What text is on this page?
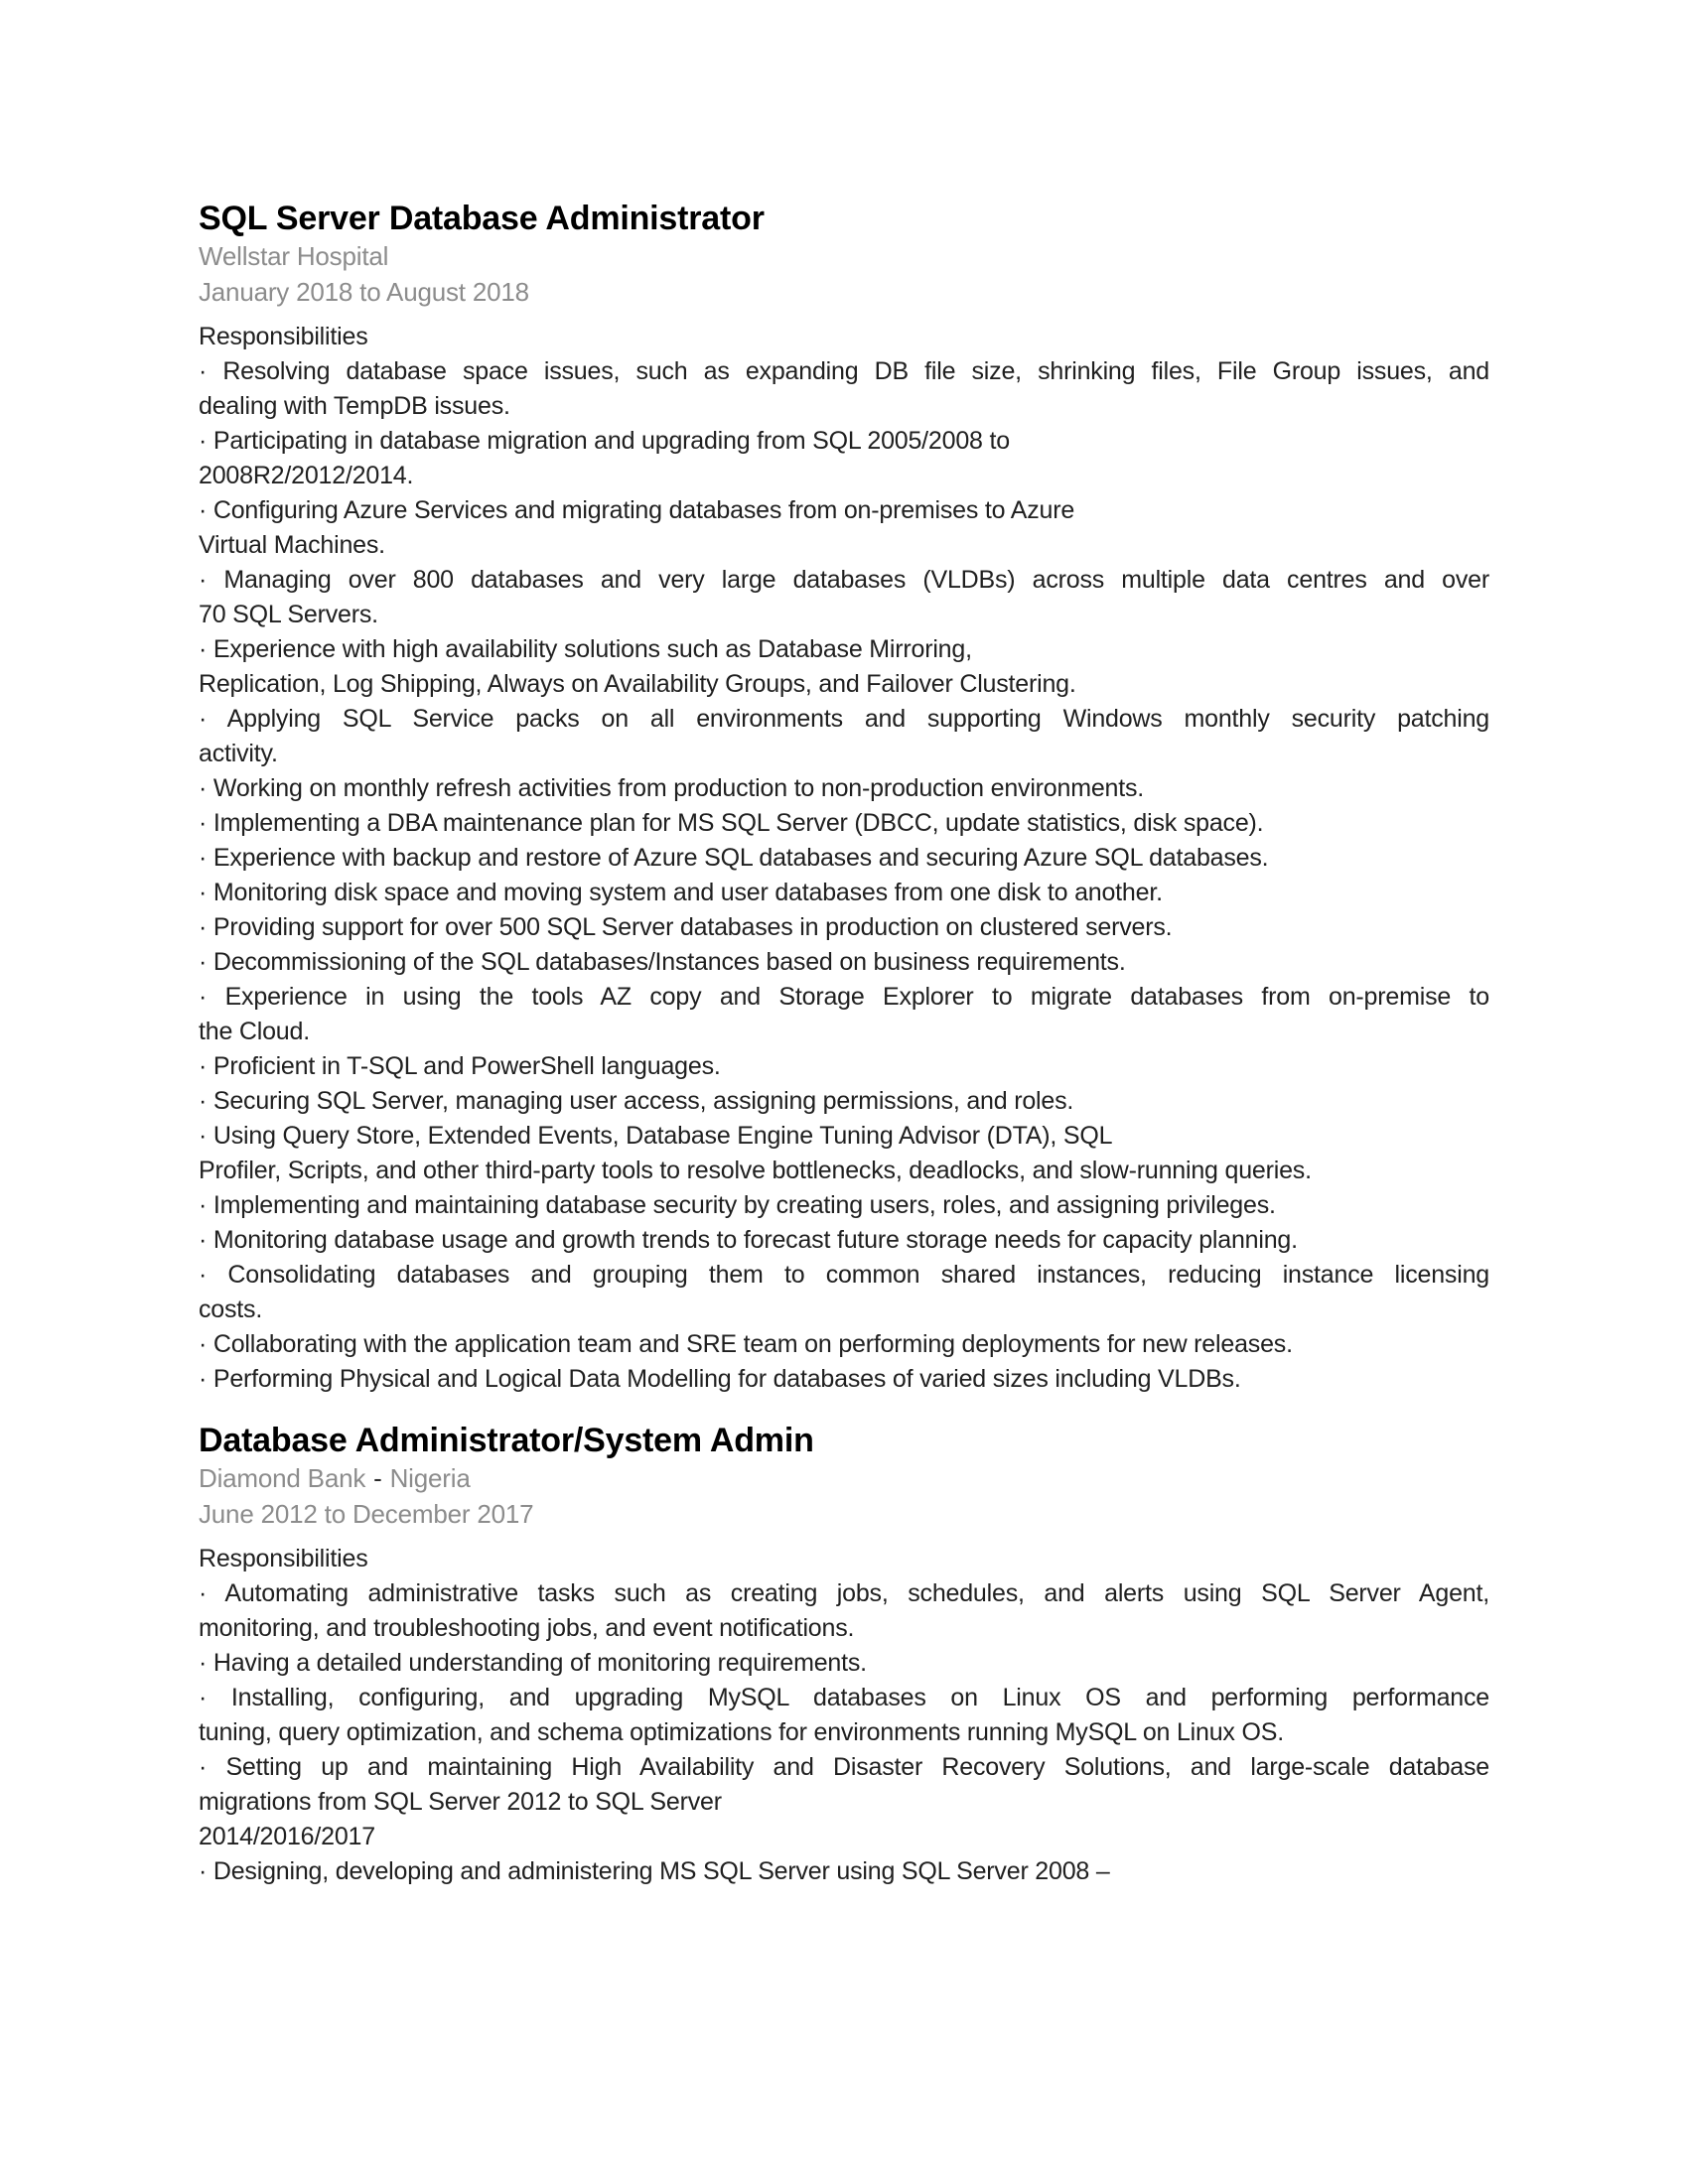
SQL Server Database Administrator
Wellstar Hospital
January 2018 to August 2018
Responsibilities
· Resolving database space issues, such as expanding DB file size, shrinking files, File Group issues, and
dealing with TempDB issues.
· Participating in database migration and upgrading from SQL 2005/2008 to
2008R2/2012/2014.
· Configuring Azure Services and migrating databases from on-premises to Azure
Virtual Machines.
· Managing over 800 databases and very large databases (VLDBs) across multiple data centres and over
70 SQL Servers.
· Experience with high availability solutions such as Database Mirroring,
Replication, Log Shipping, Always on Availability Groups, and Failover Clustering.
· Applying SQL Service packs on all environments and supporting Windows monthly security patching
activity.
· Working on monthly refresh activities from production to non-production environments.
· Implementing a DBA maintenance plan for MS SQL Server (DBCC, update statistics, disk space).
· Experience with backup and restore of Azure SQL databases and securing Azure SQL databases.
· Monitoring disk space and moving system and user databases from one disk to another.
· Providing support for over 500 SQL Server databases in production on clustered servers.
· Decommissioning of the SQL databases/Instances based on business requirements.
· Experience in using the tools AZ copy and Storage Explorer to migrate databases from on-premise to
the Cloud.
· Proficient in T-SQL and PowerShell languages.
· Securing SQL Server, managing user access, assigning permissions, and roles.
· Using Query Store, Extended Events, Database Engine Tuning Advisor (DTA), SQL
Profiler, Scripts, and other third-party tools to resolve bottlenecks, deadlocks, and slow-running queries.
· Implementing and maintaining database security by creating users, roles, and assigning privileges.
· Monitoring database usage and growth trends to forecast future storage needs for capacity planning.
· Consolidating databases and grouping them to common shared instances, reducing instance licensing
costs.
· Collaborating with the application team and SRE team on performing deployments for new releases.
· Performing Physical and Logical Data Modelling for databases of varied sizes including VLDBs.
Database Administrator/System Admin
Diamond Bank - Nigeria
June 2012 to December 2017
Responsibilities
· Automating administrative tasks such as creating jobs, schedules, and alerts using SQL Server Agent,
monitoring, and troubleshooting jobs, and event notifications.
· Having a detailed understanding of monitoring requirements.
· Installing, configuring, and upgrading MySQL databases on Linux OS and performing performance
tuning, query optimization, and schema optimizations for environments running MySQL on Linux OS.
· Setting up and maintaining High Availability and Disaster Recovery Solutions, and large-scale database
migrations from SQL Server 2012 to SQL Server
2014/2016/2017
· Designing, developing and administering MS SQL Server using SQL Server 2008 –
